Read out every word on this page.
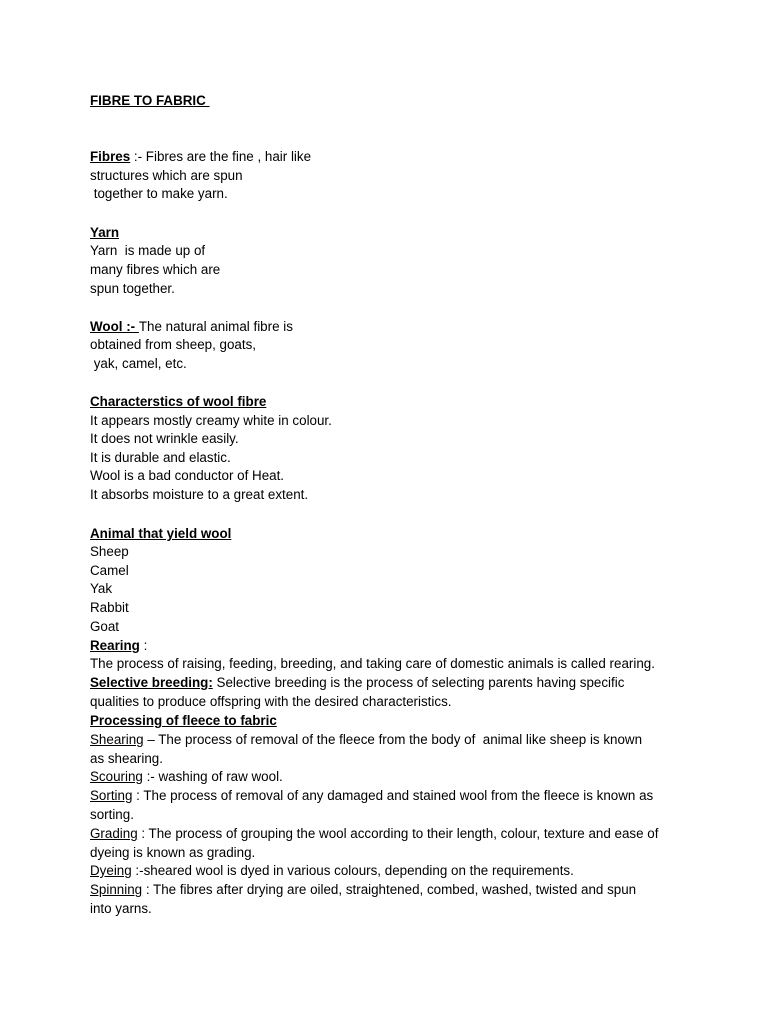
FIBRE TO FABRIC
Fibres :- Fibres are the fine , hair like
structures which are spun
together to make yarn.
Yarn
Yarn  is made up of
many fibres which are
spun together.
Wool :- The natural animal fibre is
obtained from sheep, goats,
yak, camel, etc.
Characterstics of wool fibre
It appears mostly creamy white in colour.
It does not wrinkle easily.
It is durable and elastic.
Wool is a bad conductor of Heat.
It absorbs moisture to a great extent.
Animal that yield wool
Sheep
Camel
Yak
Rabbit
Goat
Rearing :
The process of raising, feeding, breeding, and taking care of domestic animals is called rearing.
Selective breeding: Selective breeding is the process of selecting parents having specific
qualities to produce offspring with the desired characteristics.
Processing of fleece to fabric
Shearing – The process of removal of the fleece from the body of  animal like sheep is known
as shearing.
Scouring :- washing of raw wool.
Sorting : The process of removal of any damaged and stained wool from the fleece is known as
sorting.
Grading : The process of grouping the wool according to their length, colour, texture and ease of
dyeing is known as grading.
Dyeing :-sheared wool is dyed in various colours, depending on the requirements.
Spinning : The fibres after drying are oiled, straightened, combed, washed, twisted and spun
into yarns.
